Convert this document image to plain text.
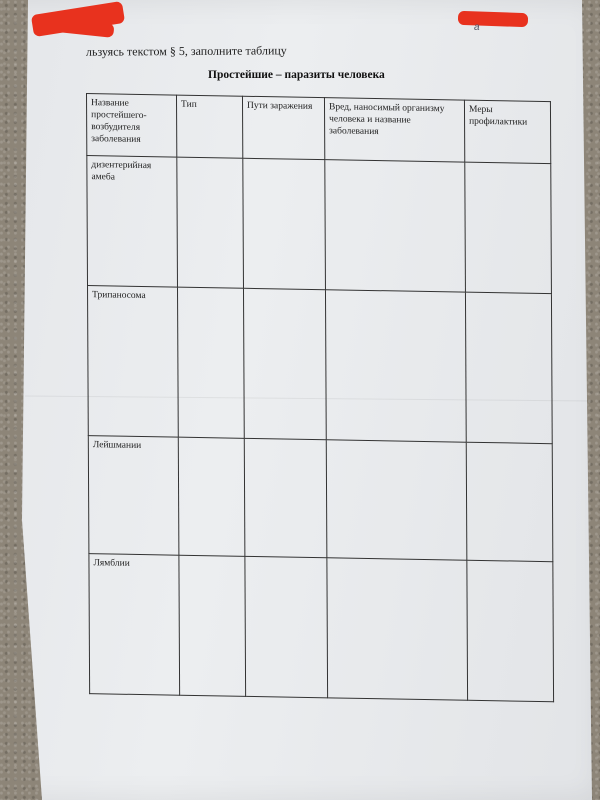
а
льзуясь текстом § 5, заполните таблицу
Простейшие – паразиты человека
Название простейшего-возбудителя заболевания	Тип	Пути заражения	Вред, наносимый организму человека и название заболевания	Меры профилактики
дизентерийная амеба				
Трипаносома				
Лейшмании				
Лямблии				
